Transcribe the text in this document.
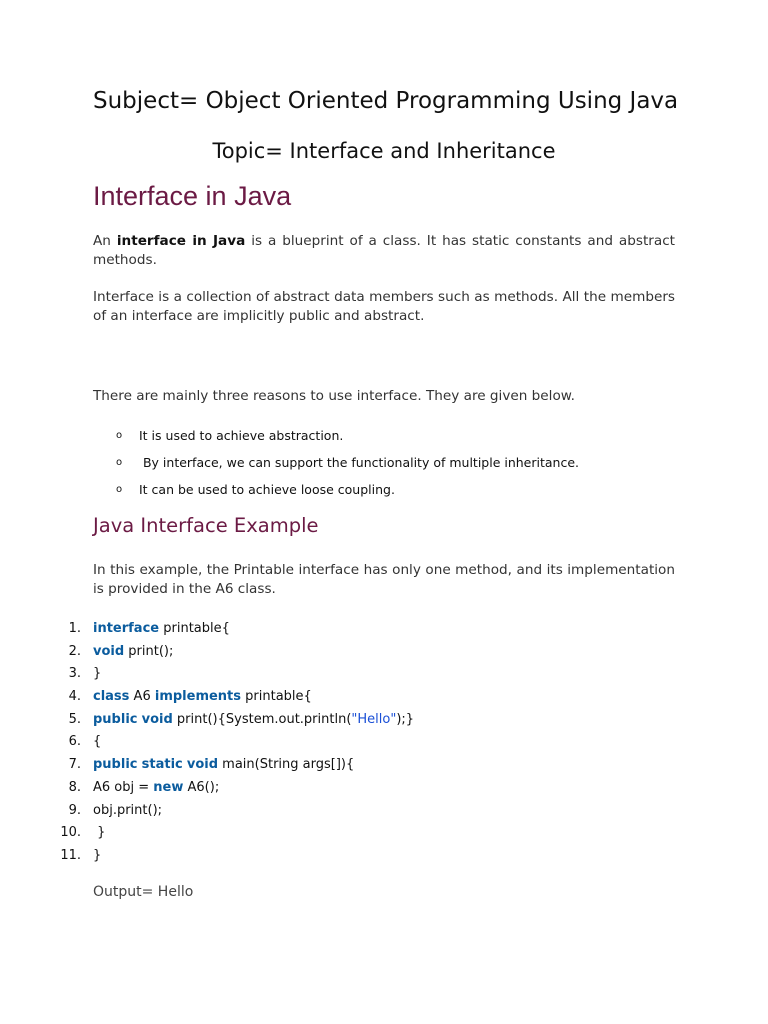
Subject= Object Oriented Programming Using Java
Topic= Interface and Inheritance
Interface in Java
An interface in Java is a blueprint of a class. It has static constants and abstract methods.
Interface is a collection of abstract data members such as methods. All the members of an interface are implicitly public and abstract.
There are mainly three reasons to use interface. They are given below.
o It is used to achieve abstraction.
o By interface, we can support the functionality of multiple inheritance.
o It can be used to achieve loose coupling.
Java Interface Example
In this example, the Printable interface has only one method, and its implementation is provided in the A6 class.
1. interface printable{
2. void print();
3. }
4. class A6 implements printable{
5. public void print(){System.out.println("Hello");}
6. {
7. public static void main(String args[]){
8. A6 obj = new A6();
9. obj.print();
10. }
11. }
Output= Hello
